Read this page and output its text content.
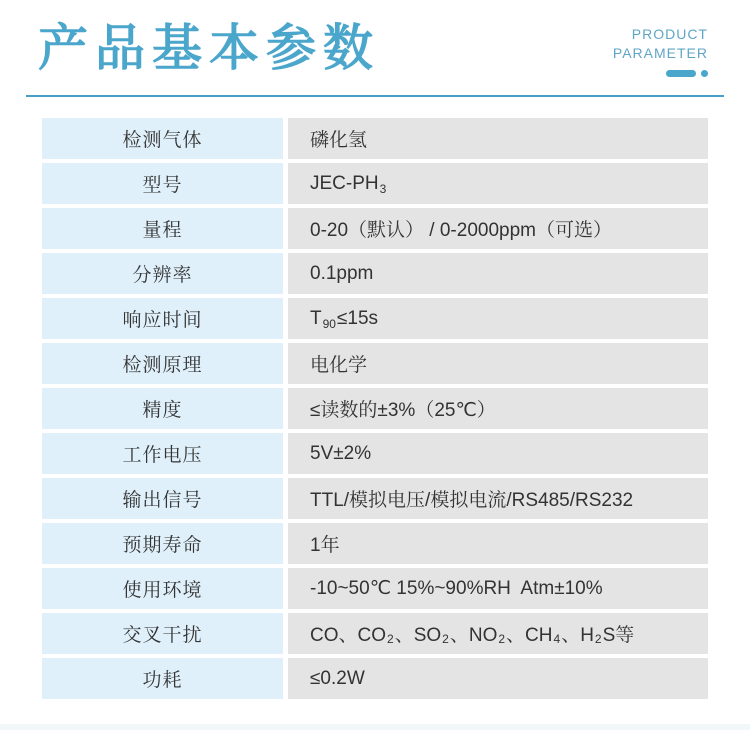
产品基本参数	PRODUCT
PARAMETER
检测气体	磷化氢
型号	JEC-PH 3
量程	0-20（默认） / 0-2000ppm（可选）
分辨率	0.1ppm
响应时间	T 90 ≤15s
检测原理	电化学
精度	≤读数的±3%（25℃）
工作电压	5V±2%
输出信号	TTL/模拟电压/模拟电流/RS485/RS232
预期寿命	1年
使用环境	-10~50℃ 15%~90%RH  Atm±10%
交叉干扰	CO、CO 2 、SO 2 、NO 2 、CH 4 、H 2 S等
功耗	≤0.2W
